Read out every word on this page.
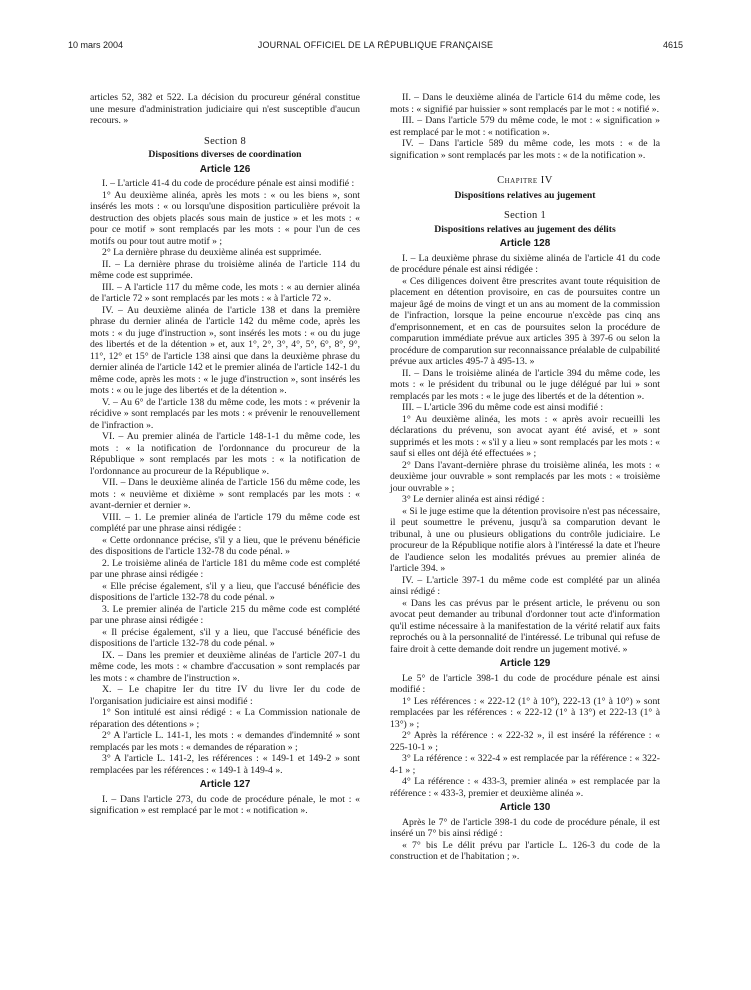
10 mars 2004	JOURNAL OFFICIEL DE LA RÉPUBLIQUE FRANÇAISE	4615

articles 52, 382 et 522. La décision du procureur général constitue une mesure d'administration judiciaire qui n'est susceptible d'aucun recours. »

Section 8
Dispositions diverses de coordination
Article 126

I. – L'article 41-4 du code de procédure pénale est ainsi modifié :

1° Au deuxième alinéa, après les mots : « ou les biens », sont insérés les mots : « ou lorsqu'une disposition particulière prévoit la destruction des objets placés sous main de justice » et les mots : « pour ce motif » sont remplacés par les mots : « pour l'un de ces motifs ou pour tout autre motif » ;

2° La dernière phrase du deuxième alinéa est supprimée.

II. – La dernière phrase du troisième alinéa de l'article 114 du même code est supprimée.

III. – A l'article 117 du même code, les mots : « au dernier alinéa de l'article 72 » sont remplacés par les mots : « à l'article 72 ».

IV. – Au deuxième alinéa de l'article 138 et dans la première phrase du dernier alinéa de l'article 142 du même code, après les mots : « du juge d'instruction », sont insérés les mots : « ou du juge des libertés et de la détention » et, aux 1°, 2°, 3°, 4°, 5°, 6°, 8°, 9°, 11°, 12° et 15° de l'article 138 ainsi que dans la deuxième phrase du dernier alinéa de l'article 142 et le premier alinéa de l'article 142-1 du même code, après les mots : « le juge d'instruction », sont insérés les mots : « ou le juge des libertés et de la détention ».

V. – Au 6° de l'article 138 du même code, les mots : « prévenir la récidive » sont remplacés par les mots : « prévenir le renouvellement de l'infraction ».

VI. – Au premier alinéa de l'article 148-1-1 du même code, les mots : « la notification de l'ordonnance du procureur de la République » sont remplacés par les mots : « la notification de l'ordonnance au procureur de la République ».

VII. – Dans le deuxième alinéa de l'article 156 du même code, les mots : « neuvième et dixième » sont remplacés par les mots : « avant-dernier et dernier ».

VIII. – 1. Le premier alinéa de l'article 179 du même code est complété par une phrase ainsi rédigée :

« Cette ordonnance précise, s'il y a lieu, que le prévenu bénéficie des dispositions de l'article 132-78 du code pénal. »

2. Le troisième alinéa de l'article 181 du même code est complété par une phrase ainsi rédigée :

« Elle précise également, s'il y a lieu, que l'accusé bénéficie des dispositions de l'article 132-78 du code pénal. »

3. Le premier alinéa de l'article 215 du même code est complété par une phrase ainsi rédigée :

« Il précise également, s'il y a lieu, que l'accusé bénéficie des dispositions de l'article 132-78 du code pénal. »

IX. – Dans les premier et deuxième alinéas de l'article 207-1 du même code, les mots : « chambre d'accusation » sont remplacés par les mots : « chambre de l'instruction ».

X. – Le chapitre Ier du titre IV du livre Ier du code de l'organisation judiciaire est ainsi modifié :

1° Son intitulé est ainsi rédigé : « La Commission nationale de réparation des détentions » ;

2° A l'article L. 141-1, les mots : « demandes d'indemnité » sont remplacés par les mots : « demandes de réparation » ;

3° A l'article L. 141-2, les références : « 149-1 et 149-2 » sont remplacées par les références : « 149-1 à 149-4 ».

Article 127

I. – Dans l'article 273, du code de procédure pénale, le mot : « signification » est remplacé par le mot : « notification ».

II. – Dans le deuxième alinéa de l'article 614 du même code, les mots : « signifié par huissier » sont remplacés par le mot : « notifié ».

III. – Dans l'article 579 du même code, le mot : « signification » est remplacé par le mot : « notification ».

IV. – Dans l'article 589 du même code, les mots : « de la signification » sont remplacés par les mots : « de la notification ».

Chapitre IV
Dispositions relatives au jugement
Section 1
Dispositions relatives au jugement des délits
Article 128

I. – La deuxième phrase du sixième alinéa de l'article 41 du code de procédure pénale est ainsi rédigée :

« Ces diligences doivent être prescrites avant toute réquisition de placement en détention provisoire, en cas de poursuites contre un majeur âgé de moins de vingt et un ans au moment de la commission de l'infraction, lorsque la peine encourue n'excède pas cinq ans d'emprisonnement, et en cas de poursuites selon la procédure de comparution immédiate prévue aux articles 395 à 397-6 ou selon la procédure de comparution sur reconnaissance préalable de culpabilité prévue aux articles 495-7 à 495-13. »

II. – Dans le troisième alinéa de l'article 394 du même code, les mots : « le président du tribunal ou le juge délégué par lui » sont remplacés par les mots : « le juge des libertés et de la détention ».

III. – L'article 396 du même code est ainsi modifié :

1° Au deuxième alinéa, les mots : « après avoir recueilli les déclarations du prévenu, son avocat ayant été avisé, et » sont supprimés et les mots : « s'il y a lieu » sont remplacés par les mots : « sauf si elles ont déjà été effectuées » ;

2° Dans l'avant-dernière phrase du troisième alinéa, les mots : « deuxième jour ouvrable » sont remplacés par les mots : « troisième jour ouvrable » ;

3° Le dernier alinéa est ainsi rédigé :

« Si le juge estime que la détention provisoire n'est pas nécessaire, il peut soumettre le prévenu, jusqu'à sa comparution devant le tribunal, à une ou plusieurs obligations du contrôle judiciaire. Le procureur de la République notifie alors à l'intéressé la date et l'heure de l'audience selon les modalités prévues au premier alinéa de l'article 394. »

IV. – L'article 397-1 du même code est complété par un alinéa ainsi rédigé :

« Dans les cas prévus par le présent article, le prévenu ou son avocat peut demander au tribunal d'ordonner tout acte d'information qu'il estime nécessaire à la manifestation de la vérité relatif aux faits reprochés ou à la personnalité de l'intéressé. Le tribunal qui refuse de faire droit à cette demande doit rendre un jugement motivé. »

Article 129

Le 5° de l'article 398-1 du code de procédure pénale est ainsi modifié :

1° Les références : « 222-12 (1° à 10°), 222-13 (1° à 10°) » sont remplacées par les références : « 222-12 (1° à 13°) et 222-13 (1° à 13°) » ;

2° Après la référence : « 222-32 », il est inséré la référence : « 225-10-1 » ;

3° La référence : « 322-4 » est remplacée par la référence : « 322-4-1 » ;

4° La référence : « 433-3, premier alinéa » est remplacée par la référence : « 433-3, premier et deuxième alinéa ».

Article 130

Après le 7° de l'article 398-1 du code de procédure pénale, il est inséré un 7° bis ainsi rédigé :

« 7° bis Le délit prévu par l'article L. 126-3 du code de la construction et de l'habitation ; ».
